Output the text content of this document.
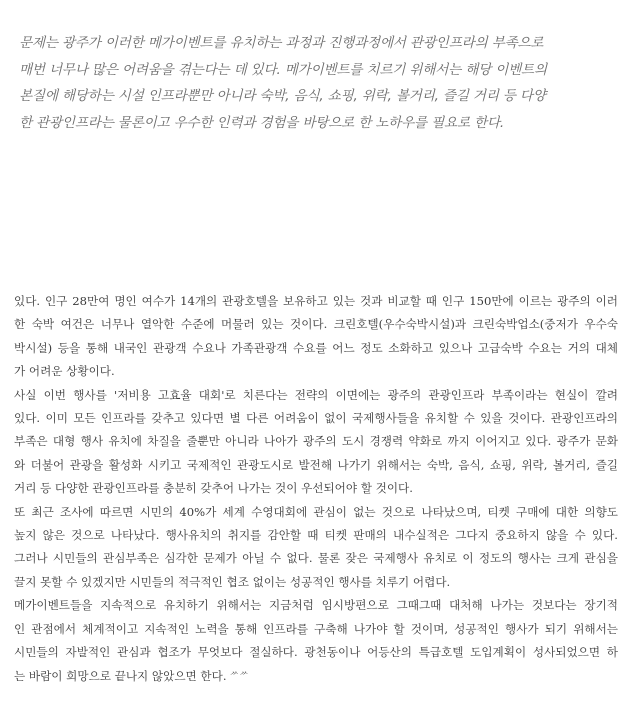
문제는 광주가 이러한 메가이벤트를 유치하는 과정과 진행과정에서 관광인프라의 부족으로
매번 너무나 많은 어려움을 겪는다는 데 있다. 메가이벤트를 치르기 위해서는 해당 이벤트의
본질에 해당하는 시설 인프라뿐만 아니라 숙박, 음식, 쇼핑, 위락, 볼거리, 즐길 거리 등 다양
한 관광인프라는 물론이고 우수한 인력과 경험을 바탕으로 한 노하우를 필요로 한다.
있다. 인구 28만여 명인 여수가 14개의 관광호텔을 보유하고 있는 것과 비교할 때 인구 150만에 이르는 광주의 이러
한 숙박 여건은 너무나 열악한 수준에 머물러 있는 것이다. 크린호텔(우수숙박시설)과 크린숙박업소(중저가 우수숙
박시설) 등을 통해 내국인 관광객 수요나 가족관광객 수요를 어느 정도 소화하고 있으나 고급숙박 수요는 거의 대체
가 어려운 상황이다.
사실 이번 행사를 '저비용 고효율 대회'로 치른다는 전략의 이면에는 광주의 관광인프라 부족이라는 현실이 깔려
있다. 이미 모든 인프라를 갖추고 있다면 별 다른 어려움이 없이 국제행사들을 유치할 수 있을 것이다. 관광인프라의
부족은 대형 행사 유치에 차질을 줄뿐만 아니라 나아가 광주의 도시 경쟁력 약화로 까지 이어지고 있다. 광주가 문화
와 더불어 관광을 활성화 시키고 국제적인 관광도시로 발전해 나가기 위해서는 숙박, 음식, 쇼핑, 위락, 볼거리, 즐길
거리 등 다양한 관광인프라를 충분히 갖추어 나가는 것이 우선되어야 할 것이다.
또 최근 조사에 따르면 시민의 40%가 세계 수영대회에 관심이 없는 것으로 나타났으며, 티켓 구매에 대한 의향도
높지 않은 것으로 나타났다. 행사유치의 취지를 감안할 때 티켓 판매의 내수실적은 그다지 중요하지 않을 수 있다.
그러나 시민들의 관심부족은 심각한 문제가 아닐 수 없다. 물론 잦은 국제행사 유치로 이 정도의 행사는 크게 관심을
끌지 못할 수 있겠지만 시민들의 적극적인 협조 없이는 성공적인 행사를 치루기 어렵다.
메가이벤트들을 지속적으로 유치하기 위해서는 지금처럼 임시방편으로 그때그때 대처해 나가는 것보다는 장기적
인 관점에서 체계적이고 지속적인 노력을 통해 인프라를 구축해 나가야 할 것이며, 성공적인 행사가 되기 위해서는
시민들의 자발적인 관심과 협조가 무엇보다 절실하다. 광천동이나 어등산의 특급호텔 도입계획이 성사되었으면 하
는 바람이 희망으로 끝나지 않았으면 한다. ᄽᄽ
